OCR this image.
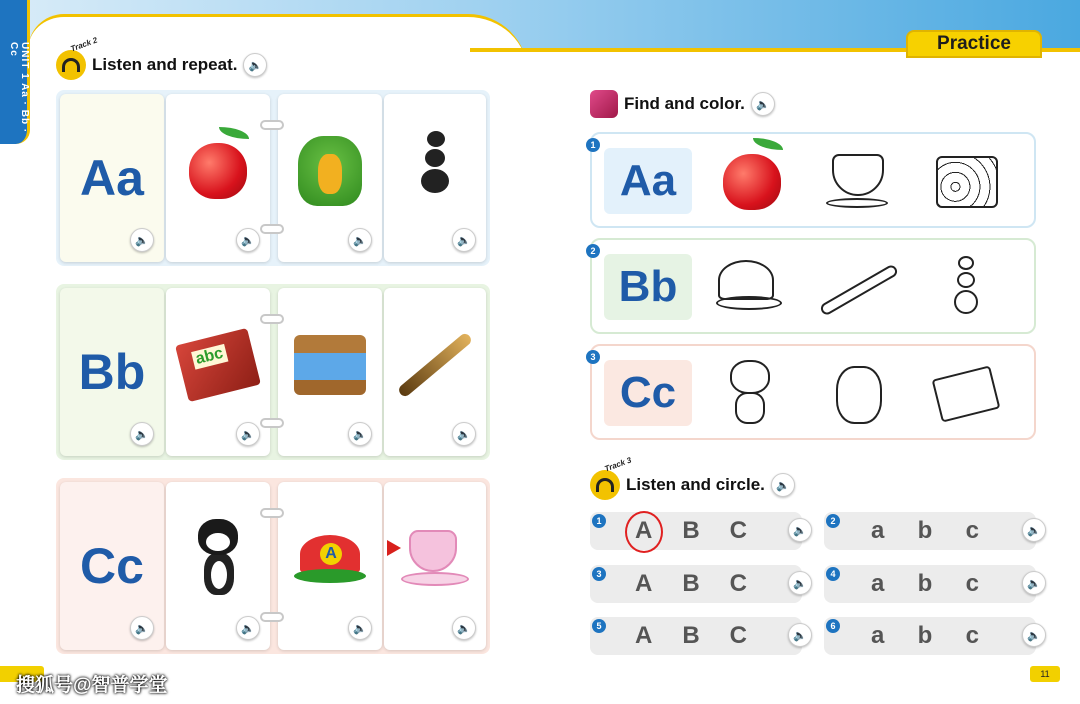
UNIT 1 Aa · Bb · Cc	Practice
Track 2
Listen and repeat.	🔈
Aa
🔈	🔈	🔈	🔈
Bb
🔈
abc	🔈	🔈	🔈
Cc
🔈	🔈
A
🔈	🔈
Find and color.	🔈
1
Aa
2
Bb
3
Cc
Track 3
Listen and circle.	🔈
1 A B C	🔈
3 A B C	🔈
5 A B C	🔈
2	a	b	c	🔈
4	a	b	c	🔈
6	a	b	c	🔈
11
搜狐号@智普学堂
